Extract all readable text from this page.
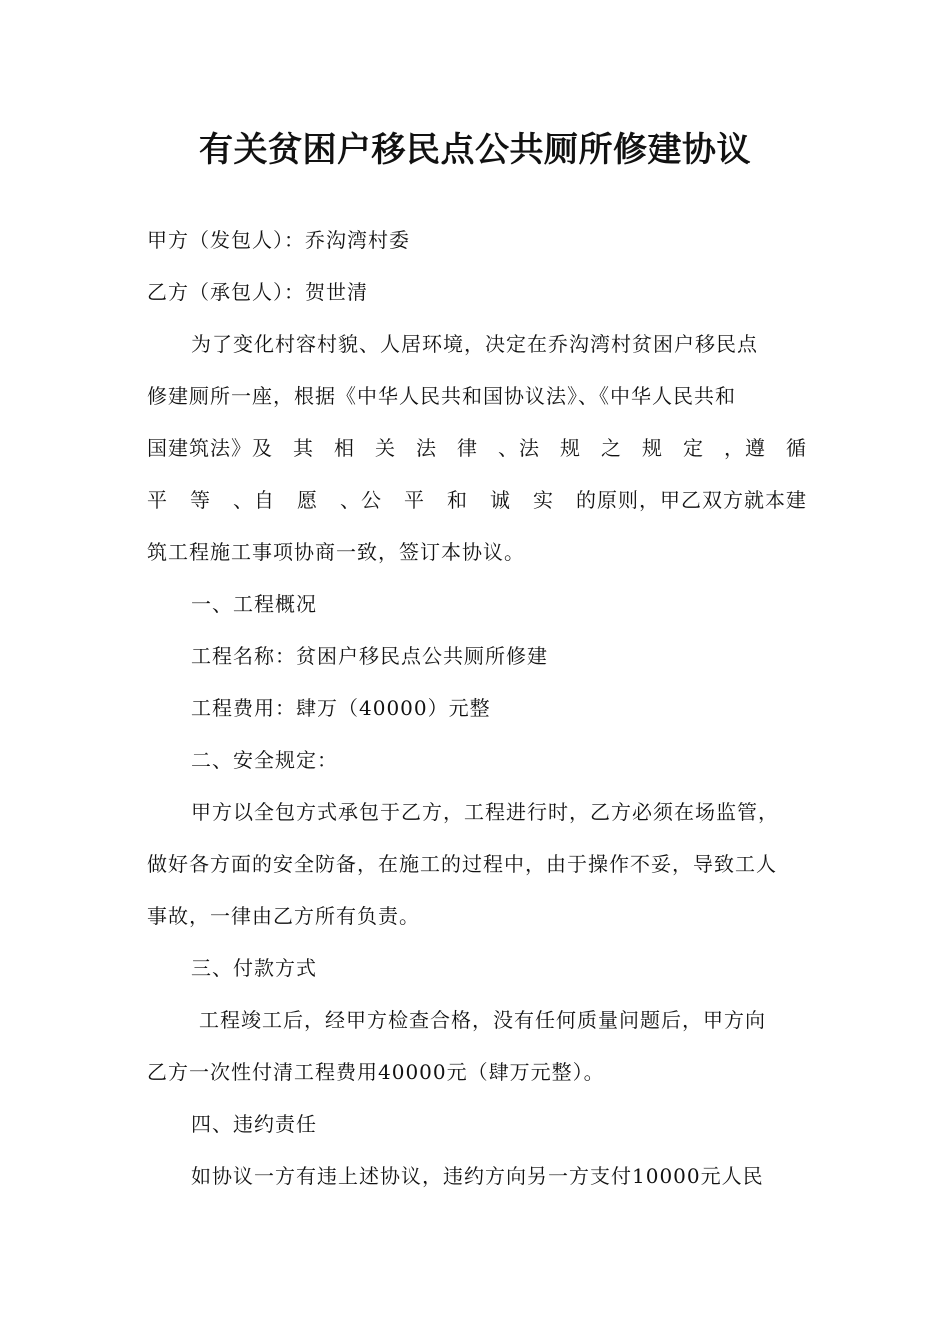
有关贫困户移民点公共厕所修建协议
甲方（发包人）：乔沟湾村委
乙方（承包人）：贺世清
为了变化村容村貌、人居环境，决定在乔沟湾村贫困户移民点
修建厕所一座，根据《中华人民共和国协议法》、《中华人民共和
国建筑法》及 其 相 关 法 律 、法 规 之 规 定 ，遵 循
平 等 、自 愿 、公 平 和 诚 实 的原则，甲乙双方就本建
筑工程施工事项协商一致，签订本协议。
一、工程概况
工程名称：贫困户移民点公共厕所修建
工程费用：肆万（40000）元整
二、安全规定：
甲方以全包方式承包于乙方，工程进行时，乙方必须在场监管，
做好各方面的安全防备，在施工的过程中，由于操作不妥，导致工人
事故，一律由乙方所有负责。
三、付款方式
工程竣工后，经甲方检查合格，没有任何质量问题后，甲方向
乙方一次性付清工程费用40000元（肆万元整）。
四、违约责任
如协议一方有违上述协议，违约方向另一方支付10000元人民
